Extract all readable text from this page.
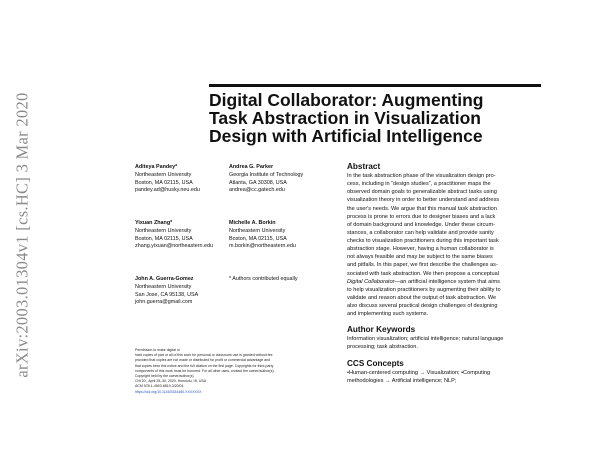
arXiv:2003.01304v1 [cs.HC] 3 Mar 2020	Digital Collaborator: Augmenting
Task Abstraction in Visualization
Design with Artificial Intelligence
Aditeya Pandey*
Northeastern University
Boston, MA 02115, USA
pandey.ad@husky.neu.edu
Andrea G. Parker
Georgia Institute of Technology
Atlanta, GA 30308, USA
andrea@cc.gatech.edu
Yixuan Zhang*
Northeastern University
Boston, MA 02115, USA
zhang.yixuan@northeastern.edu
Michelle A. Borkin
Northeastern University
Boston, MA 02115, USA
m.borkin@northeastern.edu
John A. Guerra-Gomez
Northeastern University
San Jose, CA 95138, USA
john.guerra@gmail.com
* Authors contributed equally
Abstract
In the task abstraction phase of the visualization design pro-
cess, including in “design studies”, a practitioner maps the
observed domain goals to generalizable abstract tasks using
visualization theory in order to better understand and address
the user's needs. We argue that this manual task abstraction
process is prone to errors due to designer biases and a lack
of domain background and knowledge. Under these circum-
stances, a collaborator can help validate and provide sanity
checks to visualization practitioners during this important task
abstraction stage. However, having a human collaborator is
not always feasible and may be subject to the same biases
and pitfalls. In this paper, we first describe the challenges as-
sociated with task abstraction. We then propose a conceptual
Digital Collaborator—an artificial intelligence system that aims
to help visualization practitioners by augmenting their ability to
validate and reason about the output of task abstraction. We
also discuss several practical design challenges of designing
and implementing such systems.
Author Keywords
Information visualization; artificial intelligence; natural language
processing; task abstraction.
CCS Concepts
•Human-centered computing → Visualization; •Computing
methodologies → Artificial intelligence; NLP;
Permission to make digital or
hard copies of part or all of this work for personal or classroom use is granted without fee
provided that copies are not made or distributed for profit or commercial advantage and
that copies bear this notice and the full citation on the first page. Copyrights for third-party
components of this work must be honored. For all other uses, contact the owner/author(s).
Copyright held by the owner/author(s).
CHI'20,, April 25–30, 2020, Honolulu, HI, USA
ACM 978-1-4503-6819-3/20/04.
https://doi.org/10.1145/3334480.XXXXXXX
